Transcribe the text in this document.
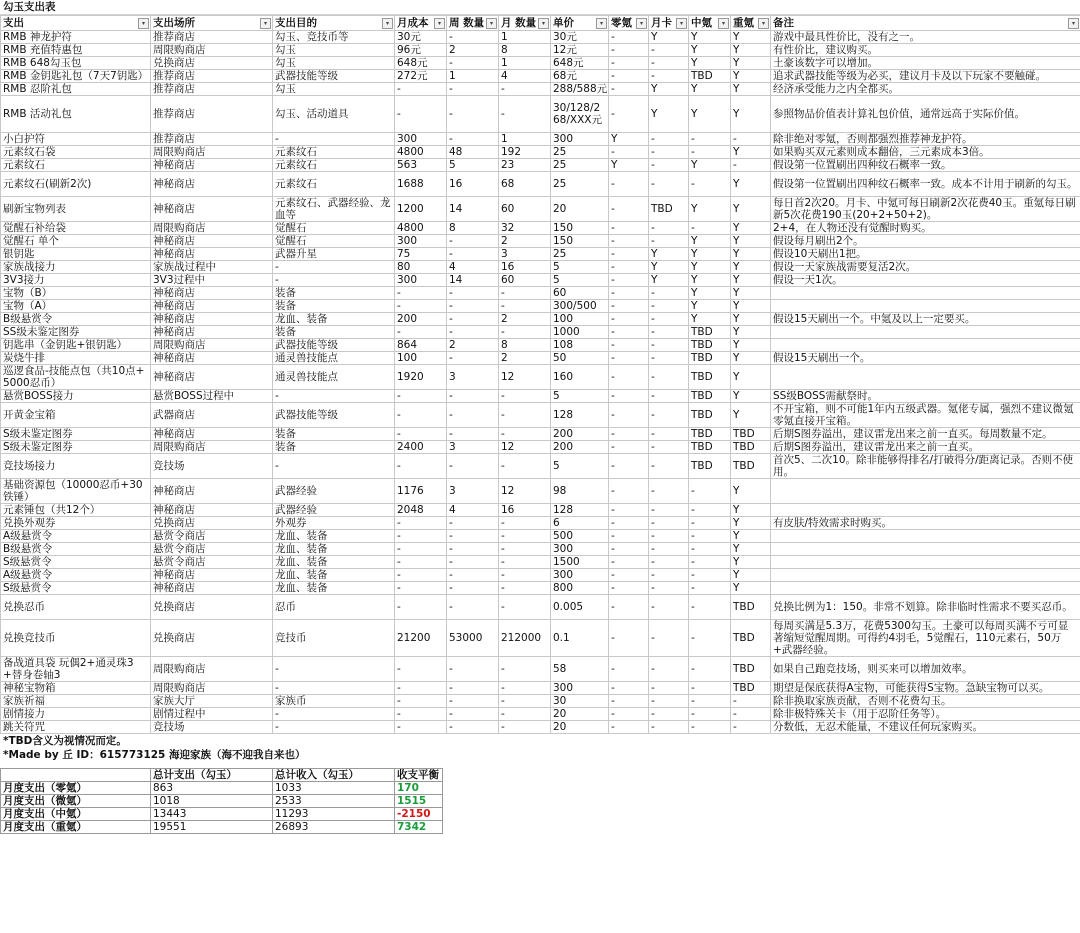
勾玉支出表
支出 ▾	支出场所 ▾	支出目的 ▾	月成本 ▾	周 数量 ▾	月 数量 ▾	单价 ▾	零氪 ▾	月卡 ▾	中氪 ▾	重氪 ▾	备注 ▾

RMB 神龙护符	推荐商店	勾玉、竞技币等	30元	-	1	30元	-	Y	Y	Y	游戏中最具性价比，没有之一。
RMB 充值特惠包	周限购商店	勾玉	96元	2	8	12元	-	-	Y	Y	有性价比，建议购买。
RMB 648勾玉包	兑换商店	勾玉	648元	-	1	648元	-	-	Y	Y	土豪该数字可以增加。
RMB 金钥匙礼包（7天7钥匙）	推荐商店	武器技能等级	272元	1	4	68元	-	-	TBD	Y	追求武器技能等级为必买，建议月卡及以下玩家不要触碰。
RMB 忍阶礼包	推荐商店	勾玉	-	-	-	288/588元	-	Y	Y	Y	经济承受能力之内全都买。
RMB 活动礼包	推荐商店	勾玉、活动道具	-	-	-	30/128/268/XXX元	-	Y	Y	Y	参照物品价值表计算礼包价值，通常远高于实际价值。
小白护符	推荐商店	-	300	-	1	300	Y	-	-	-	除非绝对零氪，否则都强烈推荐神龙护符。
元素纹石袋	周限购商店	元素纹石	4800	48	192	25	-	-	-	Y	如果购买双元素则成本翻倍，三元素成本3倍。
元素纹石	神秘商店	元素纹石	563	5	23	25	Y	-	Y	-	假设第一位置刷出四种纹石概率一致。
元素纹石(刷新2次)	神秘商店	元素纹石	1688	16	68	25	-	-	-	Y	假设第一位置刷出四种纹石概率一致。成本不计用于刷新的勾玉。
刷新宝物列表	神秘商店	元素纹石、武器经验、龙血等	1200	14	60	20	-	TBD	Y	Y	每日首2次20。月卡、中氪可每日刷新2次花费40玉。重氪每日刷新5次花费190玉(20+2+50+2)。
觉醒石补给袋	周限购商店	觉醒石	4800	8	32	150	-	-	-	Y	2+4，在人物还没有觉醒时购买。
觉醒石 单个	神秘商店	觉醒石	300	-	2	150	-	-	Y	Y	假设每月刷出2个。
银钥匙	神秘商店	武器升星	75	-	3	25	-	Y	Y	Y	假设10天刷出1把。
家族战接力	家族战过程中	-	80	4	16	5	-	Y	Y	Y	假设一天家族战需要复活2次。
3V3接力	3V3过程中	-	300	14	60	5	-	Y	Y	Y	假设一天1次。
宝物（B）	神秘商店	装备	-	-	-	60	-	-	Y	Y	
宝物（A）	神秘商店	装备	-	-	-	300/500	-	-	Y	Y	
B级悬赏令	神秘商店	龙血、装备	200	-	2	100	-	-	Y	Y	假设15天刷出一个。中氪及以上一定要买。
SS级未鉴定图券	神秘商店	装备	-	-	-	1000	-	-	TBD	Y	
钥匙串（金钥匙+银钥匙）	周限购商店	武器技能等级	864	2	8	108	-	-	TBD	Y	
炭烧牛排	神秘商店	通灵兽技能点	100	-	2	50	-	-	TBD	Y	假设15天刷出一个。
巡逻食品-技能点包（共10点+5000忍币）	神秘商店	通灵兽技能点	1920	3	12	160	-	-	TBD	Y	
悬赏BOSS接力	悬赏BOSS过程中	-	-	-	-	5	-	-	TBD	Y	SS级BOSS需献祭时。
开黄金宝箱	武器商店	武器技能等级	-	-	-	128	-	-	TBD	Y	不开宝箱，则不可能1年内五级武器。氪佬专属，强烈不建议微氪零氪直接开宝箱。
S级未鉴定图券	神秘商店	装备	-	-	-	200	-	-	TBD	TBD	后期S图券溢出，建议雷龙出来之前一直买。每周数量不定。
S级未鉴定图券	周限购商店	装备	2400	3	12	200	-	-	TBD	TBD	后期S图券溢出，建议雷龙出来之前一直买。
竞技场接力	竞技场	-	-	-	-	5	-	-	TBD	TBD	首次5、二次10。除非能够得排名/打破得分/距离记录。否则不使用。
基础资源包（10000忍币+30铁锤）	神秘商店	武器经验	1176	3	12	98	-	-	-	Y	
元素锤包（共12个）	神秘商店	武器经验	2048	4	16	128	-	-	-	Y	
兑换外观券	兑换商店	外观券	-	-	-	6	-	-	-	Y	有皮肤/特效需求时购买。
A级悬赏令	悬赏令商店	龙血、装备	-	-	-	500	-	-	-	Y	
B级悬赏令	悬赏令商店	龙血、装备	-	-	-	300	-	-	-	Y	
S级悬赏令	悬赏令商店	龙血、装备	-	-	-	1500	-	-	-	Y	
A级悬赏令	神秘商店	龙血、装备	-	-	-	300	-	-	-	Y	
S级悬赏令	神秘商店	龙血、装备	-	-	-	800	-	-	-	Y	
兑换忍币	兑换商店	忍币	-	-	-	0.005	-	-	-	TBD	兑换比例为1：150。非常不划算。除非临时性需求不要买忍币。
兑换竞技币	兑换商店	竞技币	21200	53000	212000	0.1	-	-	-	TBD	每周买满是5.3万，花费5300勾玉。土豪可以每周买满不亏可显著缩短觉醒周期。可得约4羽毛，5觉醒石，110元素石，50万+武器经验。
备战道具袋 玩偶2+通灵珠3+替身卷轴3	周限购商店	-	-	-	-	58	-	-	-	TBD	如果自己跑竞技场，则买来可以增加效率。
神秘宝物箱	周限购商店	-	-	-	-	300	-	-	-	TBD	期望是保底获得A宝物，可能获得S宝物。急缺宝物可以买。
家族祈福	家族大厅	家族币	-	-	-	30	-	-	-	-	除非换取家族贡献，否则不花费勾玉。
剧情接力	剧情过程中	-	-	-	-	20	-	-	-	-	除非极特殊关卡（用于忍阶任务等）。
跳关符咒	竞技场	-	-	-	-	20	-	-	-	-	分数低，无忍术能量，不建议任何玩家购买。
*TBD含义为视情况而定。
*Made by 丘 ID：615773125 海迎家族（海不迎我自来也）
	总计支出（勾玉）	总计收入（勾玉）	收支平衡
月度支出（零氪）	863	1033	170
月度支出（微氪）	1018	2533	1515
月度支出（中氪）	13443	11293	-2150
月度支出（重氪）	19551	26893	7342
